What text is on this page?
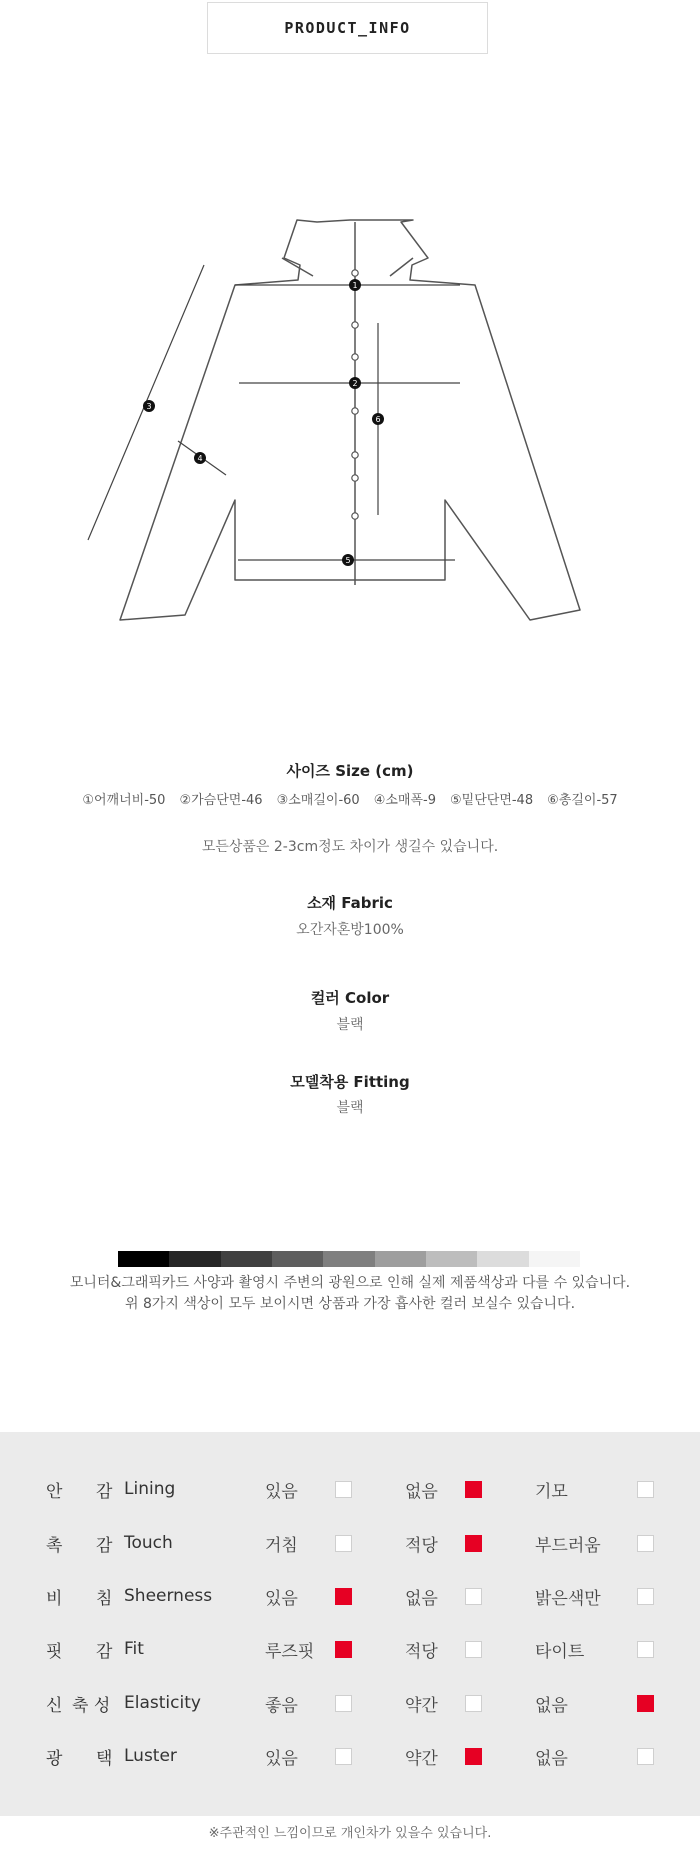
PRODUCT_INFO
1
2
3
4
5
6
사이즈 Size (cm)
①어깨너비-50 ②가슴단면-46 ③소매길이-60 ④소매폭-9 ⑤밑단단면-48 ⑥총길이-57
모든상품은 2-3cm정도 차이가 생길수 있습니다.
소재 Fabric
오간자혼방100%
컬러 Color
블랙
모델착용 Fitting
블랙
모니터&그래픽카드 사양과 촬영시 주변의 광원으로 인해 실제 제품색상과 다를 수 있습니다.
위 8가지 색상이 모두 보이시면 상품과 가장 흡사한 컬러 보실수 있습니다.
안	감 Lining	있음	없음	기모
촉	감 Touch	거침	적당	부드러움
비	침 Sheerness	있음	없음	밝은색만
핏	감 Fit	루즈핏	적당	타이트
신 축 성 Elasticity	좋음	약간	없음
광	택 Luster	있음	약간	없음
※주관적인 느낌이므로 개인차가 있을수 있습니다.
